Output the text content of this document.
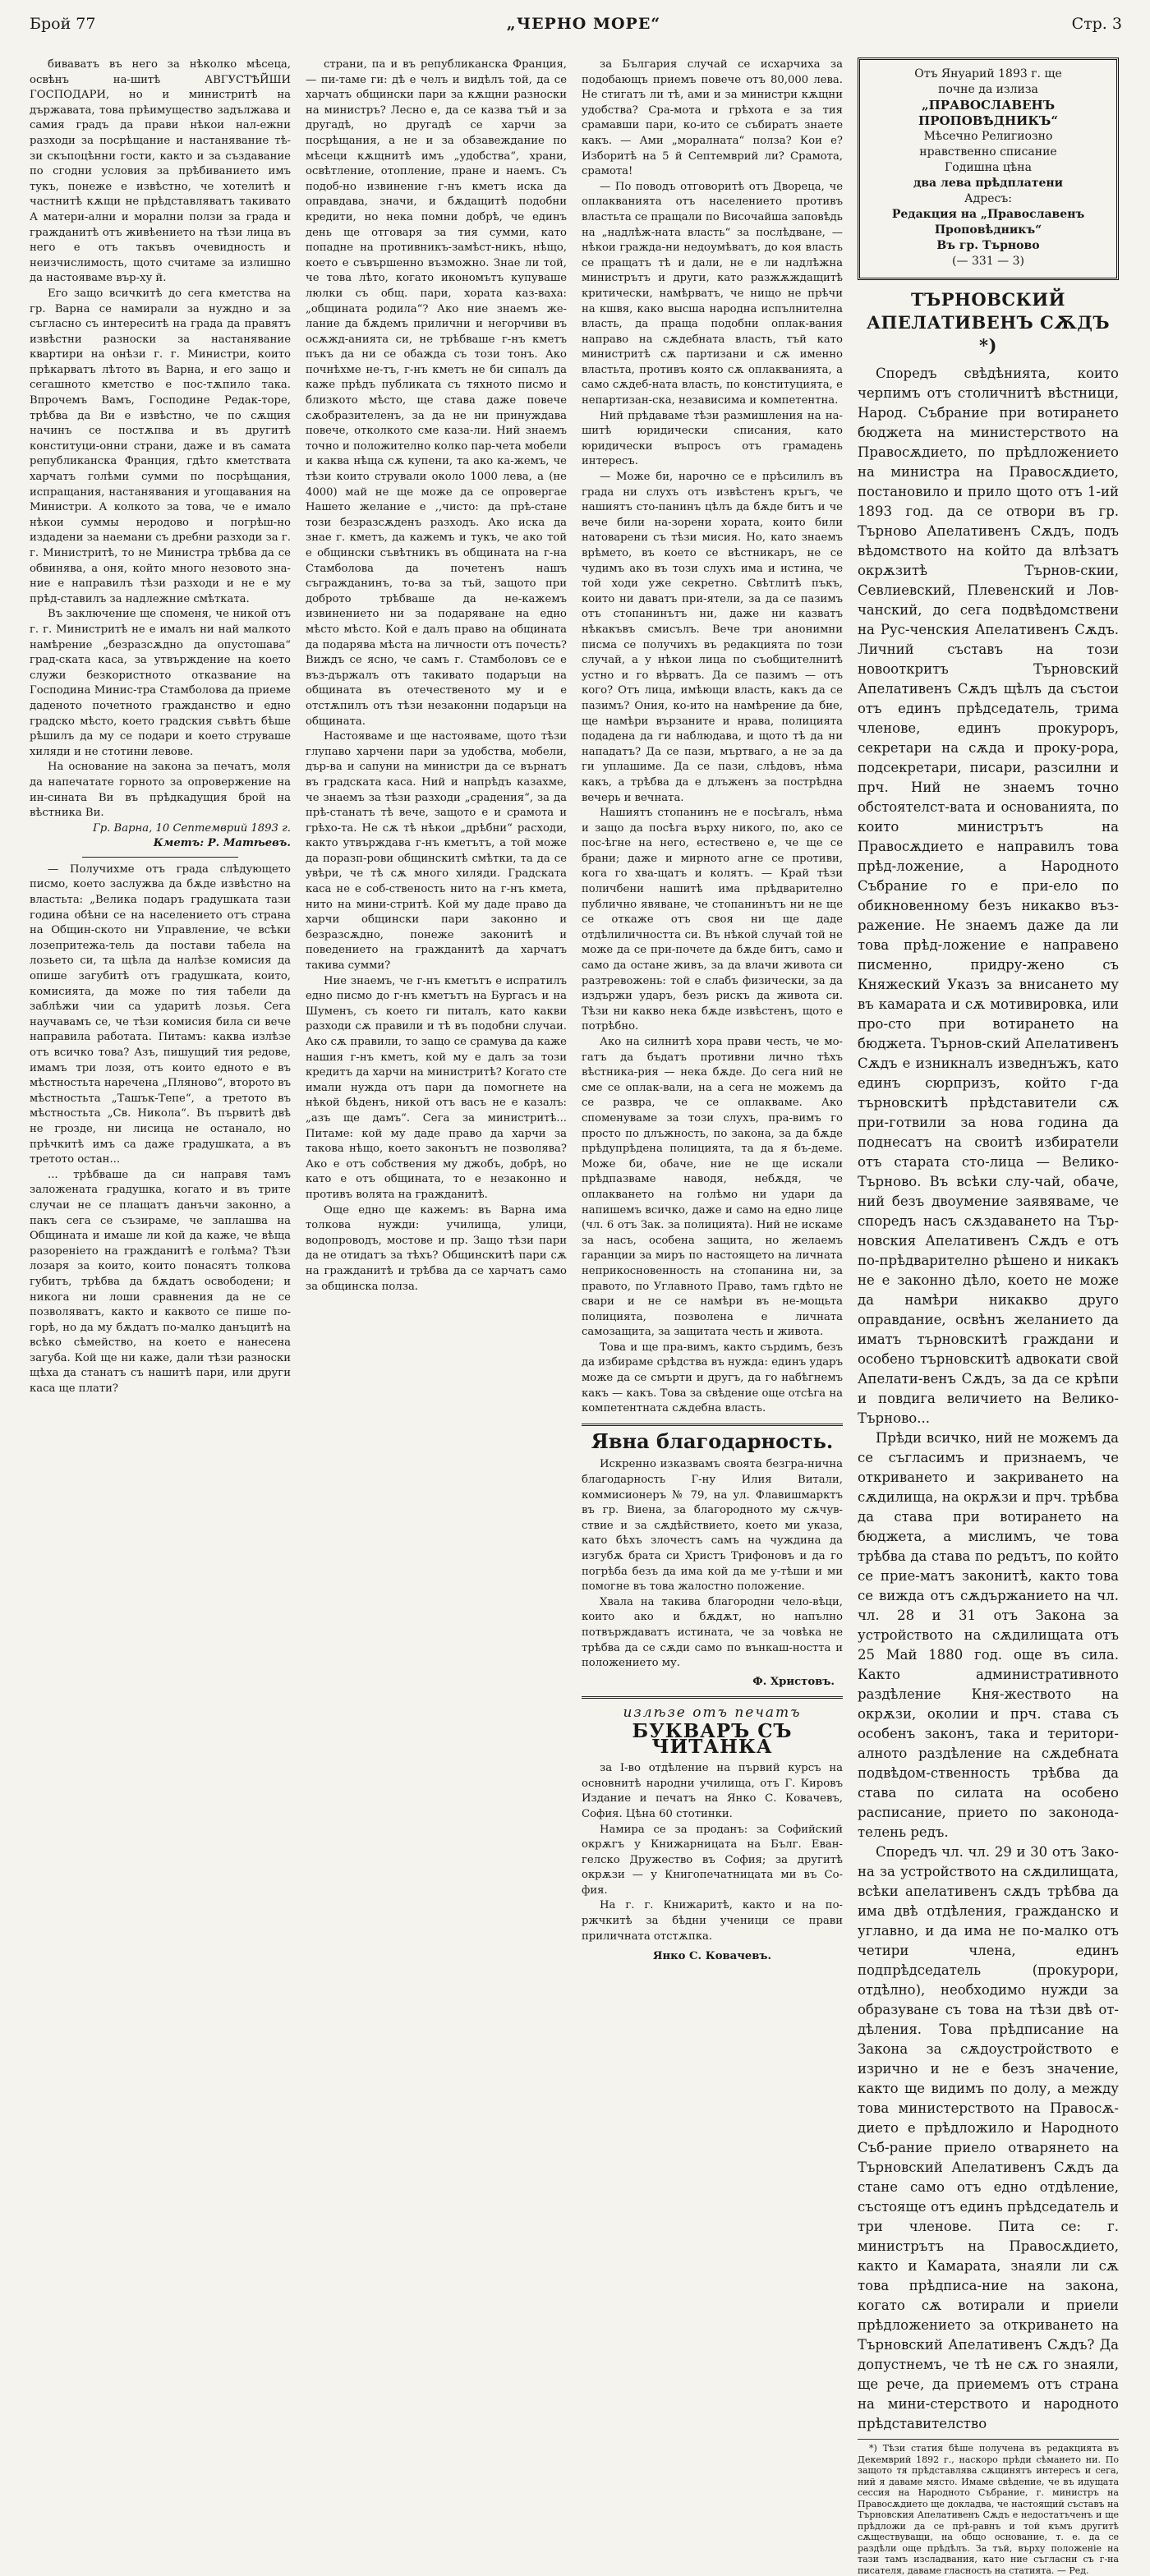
Брой 77	„ЧЕРНО МОРЕ“	Стр. 3

биваватъ въ него за нѣколко мѣсеца, освѣнъ на-шитѣ АВГУСТѢЙШИ ГОСПОДАРИ, но и министритѣ на държавата, това прѣимущество задължава и самия градъ да прави нѣкои нал-ежни разходи за посрѣщание и настанявание тѣ-зи скъпоцѣнни гости, както и за създавание по сгодни условия за прѣбиванието имъ тукъ, понеже е извѣстно, че хотелитѣ и частнитѣ кѫщи не прѣдставляватъ такивато А матери-ални и морални ползи за града и гражданитѣ отъ живѣението на тѣзи лица въ него е отъ такъвъ очевидность и неизчислимость, щото считамe за излишно да настояваме вър-ху й.

Его защо всичкитѣ до сега кметства на гр. Варна се намирали за нуждно и за съгласно съ интереситѣ на града да правятъ извѣстни разноски за настанявание квартири на онѣзи г. г. Министри, които прѣкарватъ лѣтото въ Варна, и его защо и сегашното кметство е пос-тѫпило така. Впрочемъ Вамъ, Господине Редак-торе, трѣбва да Ви е извѣстно, че по сѫщия начинъ се постѫпва и въ другитѣ конституци-онни страни, даже и въ самата републиканска Франция, гдѣто кметствата харчатъ голѣми сумми по посрѣщания, испращания, настанявания и угощавания на Министри. А колкото за това, че е имало нѣкои суммы неродово и погрѣш-но издадени за наемани съ дребни разходи за г. г. Министритѣ, то не Министра трѣбва да се обвинява, а оня, който много незовото зна-ние е направилъ тѣзи разходи и не е му прѣд-ставилъ за надлежние смѣтката.

Въ заключение ще споменя, че никой отъ г. г. Министритѣ не е ималъ ни най малкото намѣрение „безразсѫдно да опустошава“ град-ската каса, за утвърждение на което служи безкористното отказвание на Господина Минис-тра Стамболова да приеме даденото почетното гражданство и едно градско мѣсто, което градския съвѣтъ бѣше рѣшилъ да му се подари и което струваше хиляди и не стотини левове.

На основание на закона за печатъ, моля да напечатате горното за опровержение на ин-сината Ви въ прѣдкадущия брой на вѣстника Ви.

Гр. Варна, 10 Септемврий 1893 г.

Кметъ: Р. Матѣевъ.

— Получихме отъ града слѣдующето писмо, което заслужва да бѫде извѣстно на властьта: „Велика подаръ градушката тази година обѣни се на населението отъ страна на Общин-ското ни Управление, че всѣки лозепритежа-тель да постави табела на лозьето си, та щѣла да налѣзе комисия да опише загубитѣ отъ градушката, които, комисията, да може по тия табели да заблѣжи чии са ударитѣ лозья. Сега научавамъ се, че тѣзи комисия била си вече направила работата. Питамъ: каква излѣзе отъ всичко това? Азъ, пишущий тия редове, имамъ три лозя, отъ които едното е въ мѣстностьта наречена „Пляново“, второто въ мѣстностьта „Ташък-Тепе“, а третото въ мѣстностьта „Св. Никола“. Въ първитѣ двѣ не грозде, ни лисица не останало, но прѣчкитѣ имъ са даже градушката, а въ третото остан...

... трѣбваше да си направя тамъ заложената градушка, когато и въ трите случаи не се плащатъ данъчи законно, а пакъ сега се съзираме, че заплашва на Общината и имаше ли кой да каже, че вѣща разореніето на гражданитѣ е голѣма? Тѣзи лозаря за които, които понасятъ толкова губитъ, трѣбва да бѫдатъ освободени; и никога ни лоши сравнения да не се позволяватъ, както и каквото се пише по-горѣ, но да му бѫдатъ по-малко данъцитѣ на всѣко сѣмейство, на което е нанесена загуба. Кой ще ни каже, дали тѣзи разноски щѣха да станатъ съ нашитѣ пари, или други каса ще плати?

страни, па и въ републиканска Франция, — пи-таме ги: дѣ е челъ и видѣлъ той, да се харчатъ общински пари за кѫщни разноски на министръ? Лесно е, да се казва тъй и за другадѣ, но другадѣ се харчи за посрѣщания, а не и за обзавеждание по мѣсеци кѫщнитѣ имъ „удобства“, храни, освѣтление, отопление, пране и наемъ. Съ подоб-но извинение г-нъ кметъ иска да оправдава, значи, и бѫдащитѣ подобни кредити, но нека помни добрѣ, че единъ день ще отговаря за тия сумми, като попадне на противникъ-замѣст-никъ, нѣщо, което е съвършенно възможно. Знае ли той, че това лѣто, когато икономътъ купуваше люлки съ общ. пари, хората каз-ваха: „общината родила“? Ако ние знаемъ же-лание да бѫдемъ прилични и негорчиви въ осѫжд-анията си, не трѣбваше г-нъ кметъ пъкъ да ни се обажда съ този тонъ. Ако почнѣхме не-тъ, г-нъ кметъ не би сипалъ да каже прѣдъ публиката съ тяхното писмо и близкото мѣсто, ще става даже повече сѫобразителенъ, за да не ни принуждава повече, отколкото сме каза-ли. Ний знаемъ точно и положително колко пар-чета мобели и каква нѣща сѫ купени, та ако ка-жемъ, че тѣзи които стрували около 1000 лева, а (не 4000) май не ще може да се опровергае Нашето желание е ,,чисто: да прѣ-стане този безразсѫденъ разходъ. Ако искa да знае г. кметъ, да кажемъ и тукъ, че ако той е общински съвѣтникъ въ общината на г-на Стамболова да почетенъ нашъ съгражданинъ, то-ва за тъй, защото при доброто трѣбваше да не-кажемъ извинението ни за подаряване на едно мѣсто мѣсто. Кой е далъ право на общината да подарява мѣста на личности отъ почесть? Виждъ се ясно, че самъ г. Стамболовъ се е въз-държалъ отъ такивато подаръци на общината въ отечественото му и е отстѫпилъ отъ тѣзи незаконни подаръци на общината.

Настояваме и ще настояваме, щото тѣзи глупаво харчени пари за удобства, мобели, дър-ва и сапуни на министри да се върнатъ въ градската каса. Ний и напрѣдъ казахме, че знаемъ за тѣзи разходи „срадения“, за да прѣ-станатъ тѣ вече, защото е и срамота и грѣхо-та. Не сѫ тѣ нѣкои „дрѣбни“ расходи, както утвърждава г-нъ кметътъ, а той може да поразп-рови общинскитѣ смѣтки, та да се увѣри, че тѣ сѫ много хиляди. Градската каса не е соб-ственость нито на г-нъ кмета, нито на мини-стритѣ. Кой му даде право да харчи общински пари законно и безразсѫдно, понеже законитѣ и поведението на гражданитѣ да харчатъ такива сумми?

Ние знаемъ, че г-нъ кметътъ е испратилъ едно писмо до г-нъ кметътъ на Бургасъ и на Шуменъ, съ което ги питалъ, като какви разходи сѫ правили и тѣ въ подобни случаи. Ако сѫ правили, то защо се срамува да каже нашия г-нъ кметъ, кой му е далъ за този кредитъ да харчи на министритѣ? Когато сте имали нужда отъ пари да помогнете на нѣкой бѣденъ, никой отъ васъ не е казалъ: „азъ ще дамъ“. Сега за министритѣ... Питаме: кой му даде право да харчи за такова нѣщо, което законътъ не позволява? Ако е отъ собствения му джобъ, добрѣ, но като е отъ общината, то е незаконно и противъ волята на гражданитѣ.

Още едно ще кажемъ: въ Варна има толкова нужди: училища, улици, водопроводъ, мостове и пр. Защо тѣзи пари да не отидатъ за тѣхъ? Общинскитѣ пари сѫ на гражданитѣ и трѣбва да се харчатъ само за общинска полза.

за България случай се исхарчиха за подобающъ приемъ повече отъ 80,000 лева. Не стигатъ ли тѣ, ами и за министри кѫщни удобства? Сра-мота и грѣхота е за тия срамавши пари, ко-ито се събиратъ знаете какъ. — Ами „моралната“ полза? Кои е? Изборитѣ на 5 й Септемврий ли? Срамота, срамота!

— По поводъ отговоритѣ отъ Двореца, че оплакванията отъ населението противъ властьта се пращали по Височайша заповѣдь на „надлѣж-ната власть“ за послѣдване, — нѣкои гражда-ни недоумѣватъ, до коя власть се пращатъ тѣ и дали, не е ли надлѣжна министрътъ и други, като разжѫждащитѣ критически, намѣрватъ, че нищо не прѣчи на кшвя, како высша народна испълнителна власть, да праща подобни оплак-вания направо на сѫдебната власть, тъй като министритѣ сѫ партизани и сѫ именно властьта, противъ която сѫ оплакванията, а само сѫдеб-ната власть, по конституцията, е непартизан-ска, независима и компетентна.

Ний прѣдаваме тѣзи размишления на на-шитѣ юридически списания, като юридически въпросъ отъ грамадень интересъ.

— Може би, нарочно се е прѣсилилъ въ града ни слухъ отъ извѣстенъ кръгъ, че нашиятъ сто-панинъ цѣлъ да бѫде битъ и че вече били на-зорени хората, които били натоварени съ тѣзи мисия. Но, като знаемъ врѣмето, въ което се вѣстникаръ, не се чудимъ ако въ този слухъ има и истина, че той ходи уже секретно. Свѣтлитѣ пъкъ, които ни даватъ при-ятели, за да се пазимъ отъ стопанинътъ ни, даже ни казватъ нѣкакъвъ смисълъ. Вече три анонимни писма се получихъ въ редакцията по този случай, а у нѣкои лица по съобщителнитѣ устно и го вѣрватъ. Да се пазимъ — отъ кого? Отъ лица, имѣющи власть, какъ да се пазимъ? Ония, ко-ито на намѣрение да бие, ще намѣри вързаните и нрава, полицията подадена да ги наблюдава, и щото тѣ да ни нападатъ? Да се пази, мъртваго, а не за да ги уплашиме. Да се пази, слѣдовъ, нѣма какъ, а трѣбва да е длъженъ за пострѣдна вечерь и вечната.

Нашиятъ стопанинъ не е посѣгалъ, нѣма и защо да посѣга върху никого, по, ако се пос-ѣгне на него, естествено е, че ще се брани; даже и мирното агне се противи, кога го хва-щатъ и колятъ. — Край тѣзи поличбени нашитѣ има прѣдварително публично явяване, че стопанинътъ ни не ще се откаже отъ своя ни ще даде отдѣлиличността си. Въ нѣкой случай той не може да се при-почете да бѫде битъ, само и само да остане живъ, за да влачи живота си разтревожень: той е слабъ физически, за да издържи ударъ, безъ рискъ да живота си. Тѣзи ни какво нека бѫде извѣстенъ, щото е потрѣбно.

Ако на силнитѣ хора прави честь, че мо-гатъ да бъдатъ противни лично тѣхъ вѣстника-рия — нека бѫде. До сега ний не сме се оплак-вали, на а сега не можемъ да се развра, че се оплакваме. Ако споменуваме за този слухъ, пра-вимъ го просто по длъжность, по закона, за да бѫде прѣдупрѣдена полицията, та да я бъ-деме. Може би, обаче, ние не ще искали прѣдпазваме наводя, небѫдя, че оплакването на голѣмо ни удари да напишемъ всичко, даже и само на едно лице (чл. 6 отъ Зак. за полицията). Ний не искаме за насъ, особена защита, но желаемъ гаранции за миръ по настоящето на личната неприкосновенность на стопанина ни, за правото, по Углавното Право, тамъ гдѣто не свари и не се намѣри въ не-мощьта полицията, позволена е личната самозащита, за защитата честь и живота.

Това и ще пра-вимъ, както сърдимъ, безъ да избираме срѣдства въ нужда: единъ ударъ може да се смърти и другъ, да го набѣгнемъ какъ — какъ. Това за свѣдение още отсѣга на компетентната сѫдебна власть.

Явна благодарность.

Искренно изказвамъ своята безгра-нична благодарность Г-ну Илия Витали, коммисионеръ № 79, на ул. Флавишмарктъ въ гр. Виена, за благородното му сѫчув-ствие и за сѫдѣйствието, което ми указа, като бѣхъ злочестъ самъ на чуждина да изгубѫ брата си Христъ Трифоновъ и да го погрѣба безъ да има кой да ме у-тѣши и ми помогне въ това жалостно положение.

Хвала на такива благородни чело-вѣци, които ако и бѫдѫт, но напълно потвърждаватъ истината, че за човѣка не трѣбва да се сѫди само по вънкаш-ността и положението му.

Ф. Христовъ.
излѣзе отъ печатъ
БУКВАРЪ СЪ ЧИТАНКА

за I-во отдѣление на първий курсъ на основнитѣ народни училища, отъ Г. Кировъ Издание и печатъ на Янко С. Ковачевъ, София. Цѣна 60 стотинки.

Намира се за проданъ: за Софийский окрѫгъ у Книжарницата на Бълг. Еван-гелско Дружество въ София; за другитѣ окрѫзи — у Книгопечатницата ми въ Со-фия.

На г. г. Книжаритѣ, както и на по-ржчкитѣ за бѣдни ученици се прави приличната отстѫпка.

Янко С. Ковачевъ.
Отъ Януарий 1893 г. ще
почне да излиза
„ПРАВОСЛАВЕНЪ ПРОПОВѢДНИКЪ“
Мѣсечно Религиозно
нравственно списание
Годишна цѣна
два лева прѣдплатени
Адресъ:
Редакция на „Православенъ
Проповѣдникъ“
Въ гр. Търново
(— 331 — 3)
ТЪРНОВСКИЙ АПЕЛАТИВЕНЪ СѪДЪ *)

Споредъ свѣдѣнията, които черпимъ отъ столичнитѣ вѣстници, Народ. Събрание при вотирането бюджета на министерството на Правосѫдието, по прѣдложението на министра на Правосѫдието, постановило и прило щото отъ 1-ий 1893 год. да се отвори въ гр. Търново Апелативенъ Сѫдъ, подъ вѣдомството на който да влѣзатъ окрѫзитѣ Търнов-скии, Севлиевский, Плевенский и Лов-чанский, до сега подвѣдомствени на Рус-ченския Апелативенъ Сѫдъ. Личний съставъ на този новооткритъ Търновский Апелативенъ Сѫдъ щѣлъ да състои отъ единъ прѣдседатель, трима членове, единъ прокуроръ, секретари на сѫда и проку-рора, подсекретари, писари, разсилни и прч. Ний не знаемъ точно обстоятелст-вата и основанията, по които министрътъ на Правосѫдието е направилъ това прѣд-ложение, а Народното Събрание го е при-ело по обикновенному безъ никакво въз-ражение. Не знаемъ даже да ли това прѣд-ложение е направено писменно, придру-жено съ Княжеский Указъ за внисането му въ камарата и сѫ мотивировка, или про-сто при вотирането на бюджета. Търнов-ский Апелативенъ Сѫдъ е изникналъ изведнъжъ, като единъ сюрпризъ, който г-да търновскитѣ прѣдставители сѫ при-готвили за нова година да поднесатъ на своитѣ избиратели отъ старата сто-лица — Велико-Търново. Въ всѣки слу-чай, обаче, ний безъ двоумение заявяваме, че споредъ насъ сѫздаването на Тър-новския Апелативенъ Сѫдъ е отъ по-прѣдварително рѣшено и никакъ не е законно дѣло, което не може да намѣри никакво друго оправдание, освѣнъ желанието да иматъ търновскитѣ граждани и особено търновскитѣ адвокати свой Апелати-венъ Сѫдъ, за да се крѣпи и повдига величието на Велико-Търново...

Прѣди всичко, ний не можемъ да се съгласимъ и признаемъ, че откриването и закриването на сѫдилища, на окрѫзи и прч. трѣбва да става при вотирането на бюджета, а мислимъ, че това трѣбва да става по редътъ, по който се прие-матъ законитѣ, както това се вижда отъ сѫдържанието на чл. чл. 28 и 31 отъ Закона за устройството на сѫдилищата отъ 25 Май 1880 год. още въ сила. Както административното раздѣление Кня-жеството на окрѫзи, околии и прч. става съ особенъ законъ, така и територи-алното раздѣление на сѫдебната подвѣдом-ственность трѣбва да става по силата на особено расписание, прието по законода-телень редъ.

Споредъ чл. чл. 29 и 30 отъ Зако-на за устройството на сѫдилищата, всѣки апелативенъ сѫдъ трѣбва да има двѣ отдѣления, гражданско и углавно, и да има не по-малко отъ четири члена, единъ подпрѣдседатель (прокурори, отдѣлно), необходимо нужди за образуване съ това на тѣзи двѣ от-дѣления. Това прѣдписание на Закона за сѫдоустройството е изрично и не е безъ значение, както ще видимъ по долу, а между това министерството на Правосѫ-дието е прѣдложило и Народното Съб-рание приело отварянето на Търновский Апелативенъ Сѫдъ да стане само отъ едно отдѣление, състояще отъ единъ прѣдседатель и три членове. Пита се: г. министрътъ на Правосѫдието, както и Камарата, знаяли ли сѫ това прѣдписа-ние на закона, когато сѫ вотирали и приели прѣдложението за откриването на Търновский Апелативенъ Сѫдъ? Да допустнемъ, че тѣ не сѫ го знаяли, ще рече, да приемемъ отъ страна на мини-стерството и народното прѣдставителство

*) Тѣзи статия бѣше получена въ редакцията въ Декемврий 1892 г., наскоро прѣди сѣмането ни. По защото тя прѣдставлява сѫщинятъ интересъ и сега, ний я даваме място. Имаме свѣдение, че въ идущата сессия на Народното Събрание, г. министръ на Правосѫдието ще докладва, че настоящий съставъ на Търновския Апелативенъ Сѫдъ е недостатъченъ и ще прѣдложи да се прѣ-равнъ и той къмъ другитѣ сѫществуващи, на общо основание, т. е. да се раздѣли още прѣдѣлъ. За тъй, върху положеніе на тази тамъ изсладвания, като ние съгласни съ г-на писателя, даваме гласность на статията. — Ред.
